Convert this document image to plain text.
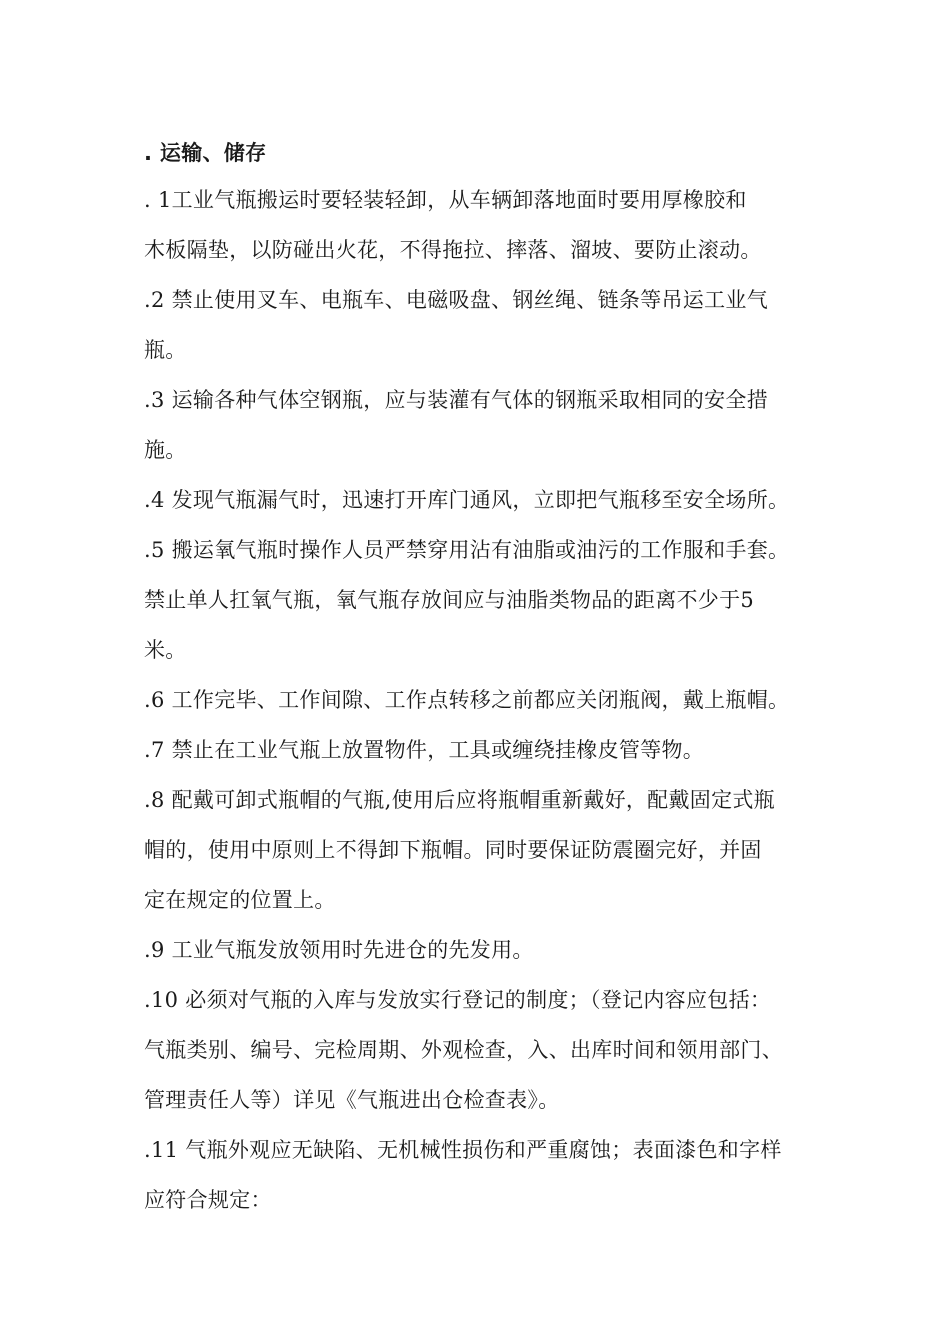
. 运输、储存
. 1工业气瓶搬运时要轻装轻卸，从车辆卸落地面时要用厚橡胶和
木板隔垫，以防碰出火花，不得拖拉、摔落、溜坡、要防止滚动。
.2 禁止使用叉车、电瓶车、电磁吸盘、钢丝绳、链条等吊运工业气
瓶。
.3 运输各种气体空钢瓶，应与装灌有气体的钢瓶采取相同的安全措
施。
.4 发现气瓶漏气时，迅速打开库门通风，立即把气瓶移至安全场所。
.5 搬运氧气瓶时操作人员严禁穿用沾有油脂或油污的工作服和手套。
禁止单人扛氧气瓶，氧气瓶存放间应与油脂类物品的距离不少于5
米。
.6 工作完毕、工作间隙、工作点转移之前都应关闭瓶阀，戴上瓶帽。
.7 禁止在工业气瓶上放置物件，工具或缠绕挂橡皮管等物。
.8 配戴可卸式瓶帽的气瓶,使用后应将瓶帽重新戴好，配戴固定式瓶
帽的，使用中原则上不得卸下瓶帽。同时要保证防震圈完好，并固
定在规定的位置上。
.9 工业气瓶发放领用时先进仓的先发用。
.10 必须对气瓶的入库与发放实行登记的制度；（登记内容应包括：
气瓶类别、编号、完检周期、外观检查，入、出库时间和领用部门、
管理责任人等）详见《气瓶进出仓检查表》。
.11 气瓶外观应无缺陷、无机械性损伤和严重腐蚀；表面漆色和字样
应符合规定：
